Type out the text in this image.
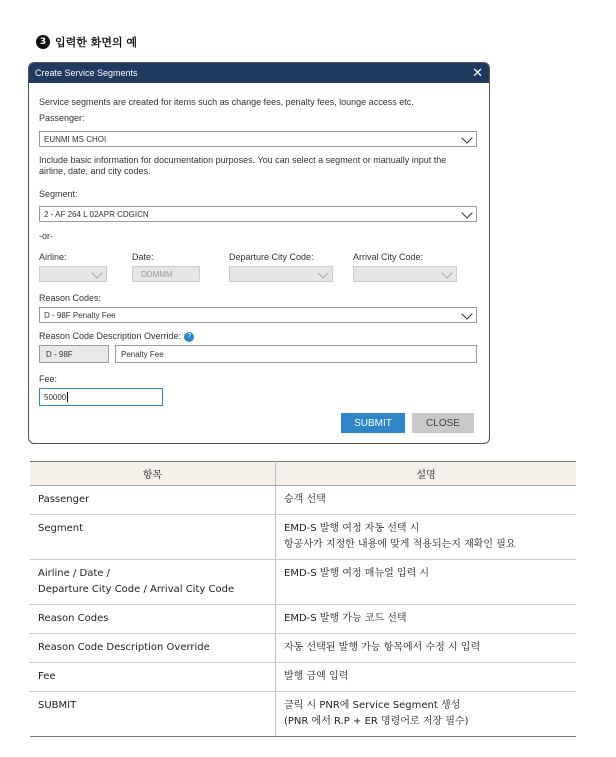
3 입력한 화면의 예
Create Service Segments	✕
Service segments are created for items such as change fees, penalty fees, lounge access etc.
Passenger:
EUNMI MS CHOI
Include basic information for documentation purposes. You can select a segment or manually input the airline, date, and city codes.
Segment:
2 - AF 264 L 02APR CDGICN
-or-
Airline:	Date:
DDMMM
Departure City Code:	Arrival City Code:
Reason Codes:
D - 98F Penalty Fee
Reason Code Description Override: ?
D - 98F	Penalty Fee
Fee:
50000
SUBMIT	CLOSE
항목	설명
Passenger	승객 선택
Segment	EMD-S 발행 여정 자동 선택 시
항공사가 지정한 내용에 맞게 적용되는지 재확인 필요

Airline / Date /
Departure City Code / Arrival City Code	EMD-S 발행 여정 매뉴얼 입력 시
Reason Codes	EMD-S 발행 가능 코드 선택
Reason Code Description Override	자동 선택된 발행 가능 항목에서 수정 시 입력
Fee	발행 금액 입력
SUBMIT	클릭 시 PNR에 Service Segment 생성
(PNR 에서 R.P + ER 명령어로 저장 필수)
